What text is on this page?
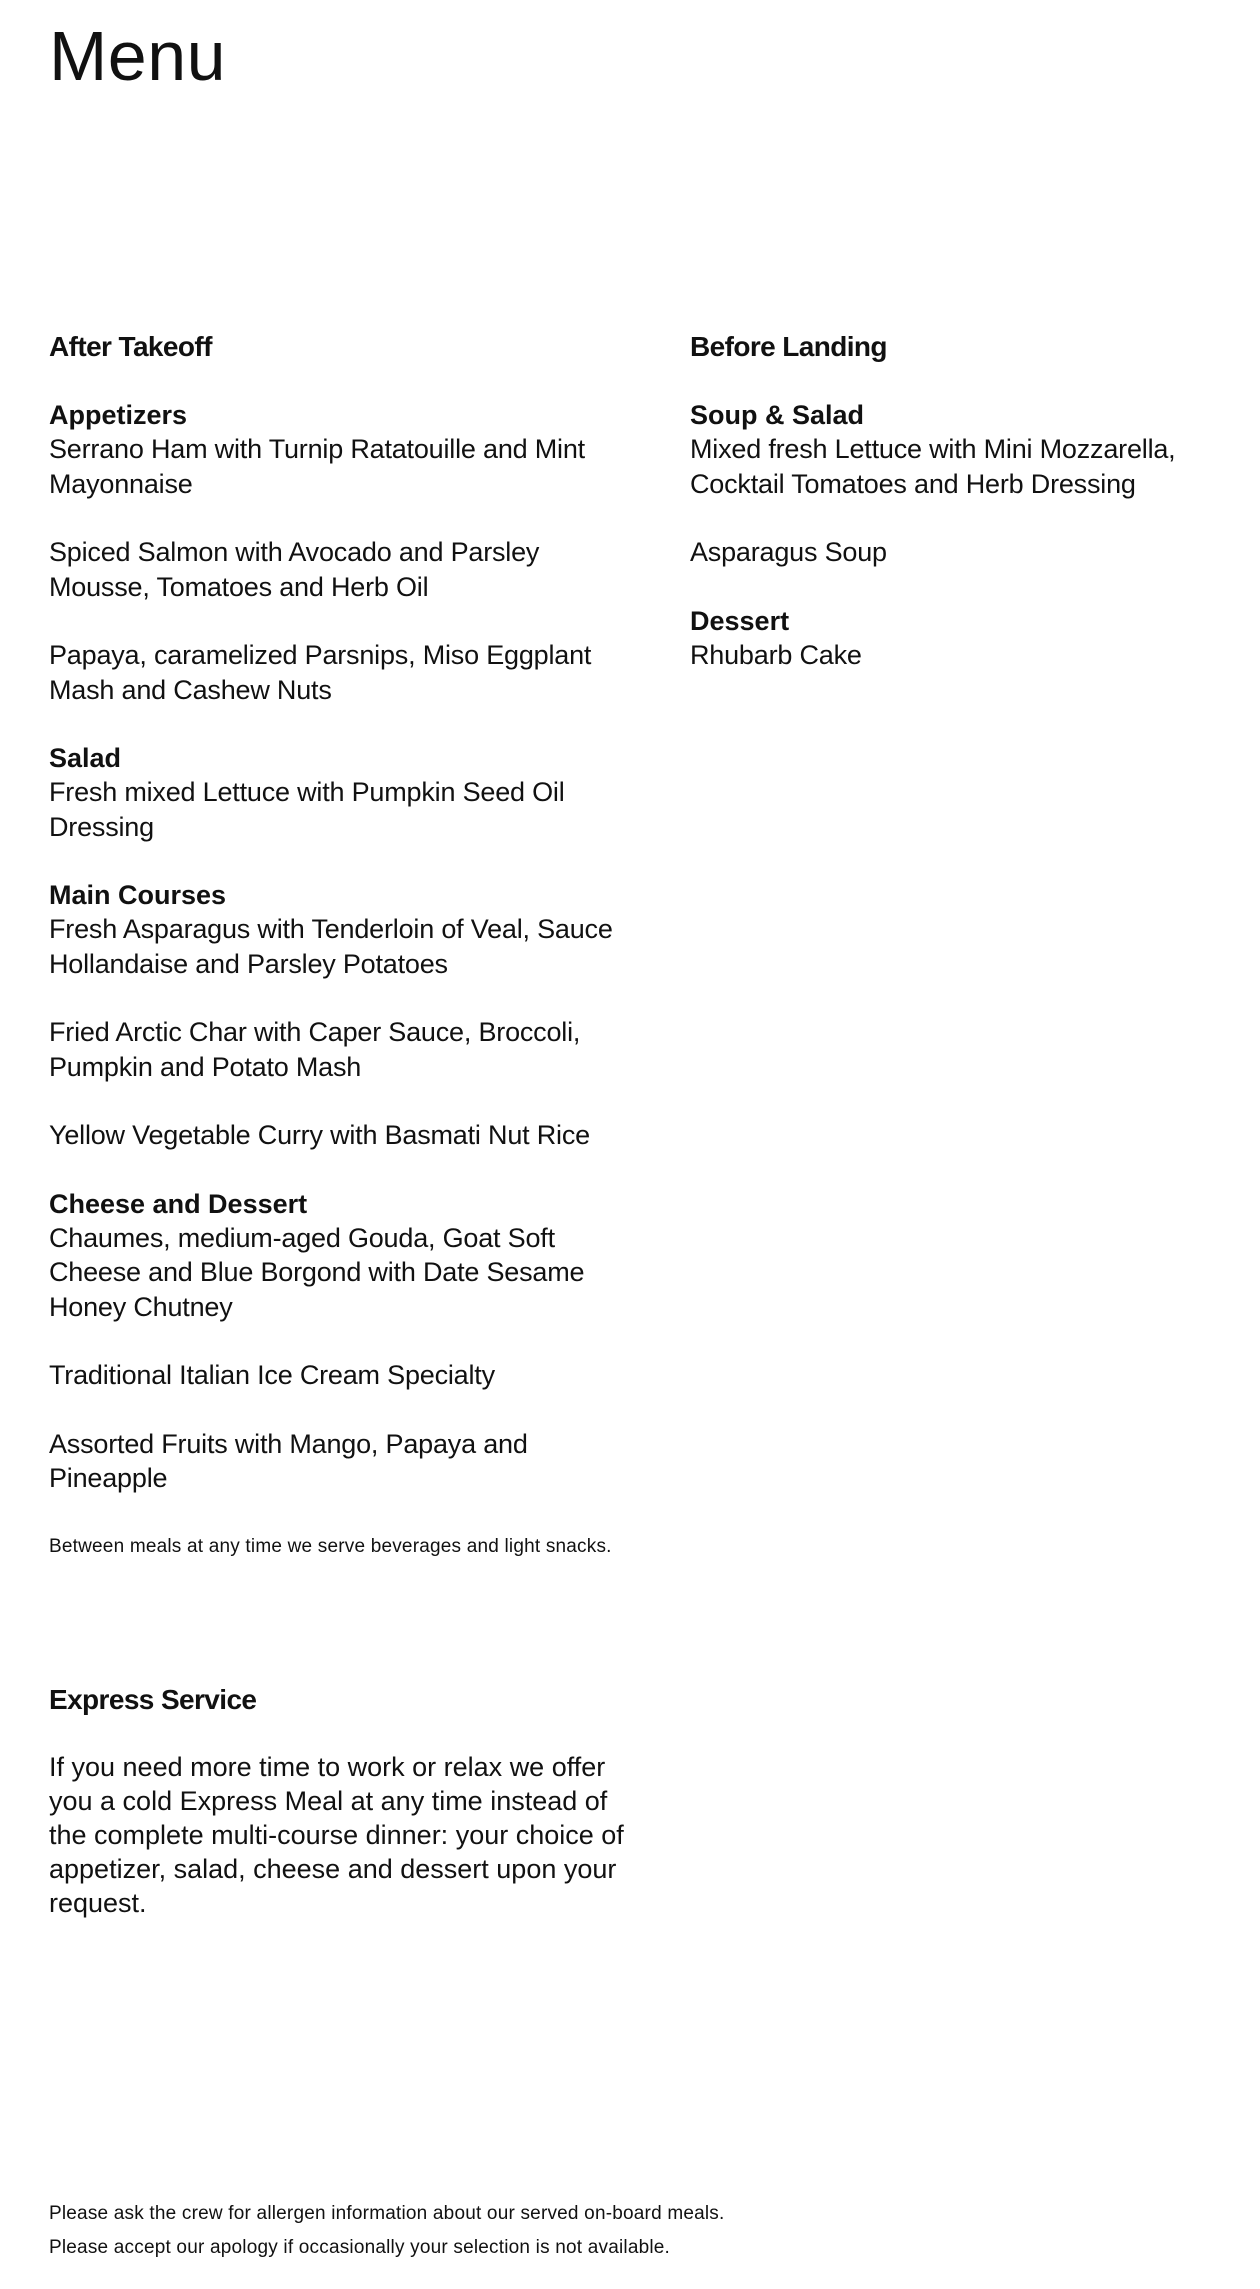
Menu
After Takeoff
Appetizers

Serrano Ham with Turnip Ratatouille and Mint Mayonnaise

Spiced Salmon with Avocado and Parsley Mousse, Tomatoes and Herb Oil

Papaya, caramelized Parsnips, Miso Eggplant Mash and Cashew Nuts

Salad

Fresh mixed Lettuce with Pumpkin Seed Oil Dressing

Main Courses

Fresh Asparagus with Tenderloin of Veal, Sauce Hollandaise and Parsley Potatoes

Fried Arctic Char with Caper Sauce, Broccoli, Pumpkin and Potato Mash

Yellow Vegetable Curry with Basmati Nut Rice

Cheese and Dessert

Chaumes, medium-aged Gouda, Goat Soft Cheese and Blue Borgond with Date Sesame Honey Chutney

Traditional Italian Ice Cream Specialty

Assorted Fruits with Mango, Papaya and Pineapple

Between meals at any time we serve beverages and light snacks.

Before Landing
Soup & Salad

Mixed fresh Lettuce with Mini Mozzarella, Cocktail Tomatoes and Herb Dressing

Asparagus Soup

Dessert

Rhubarb Cake

Express Service

If you need more time to work or relax we offer you a cold Express Meal at any time instead of the complete multi-course dinner: your choice of appetizer, salad, cheese and dessert upon your request.

Please ask the crew for allergen information about our served on-board meals.

Please accept our apology if occasionally your selection is not available.
